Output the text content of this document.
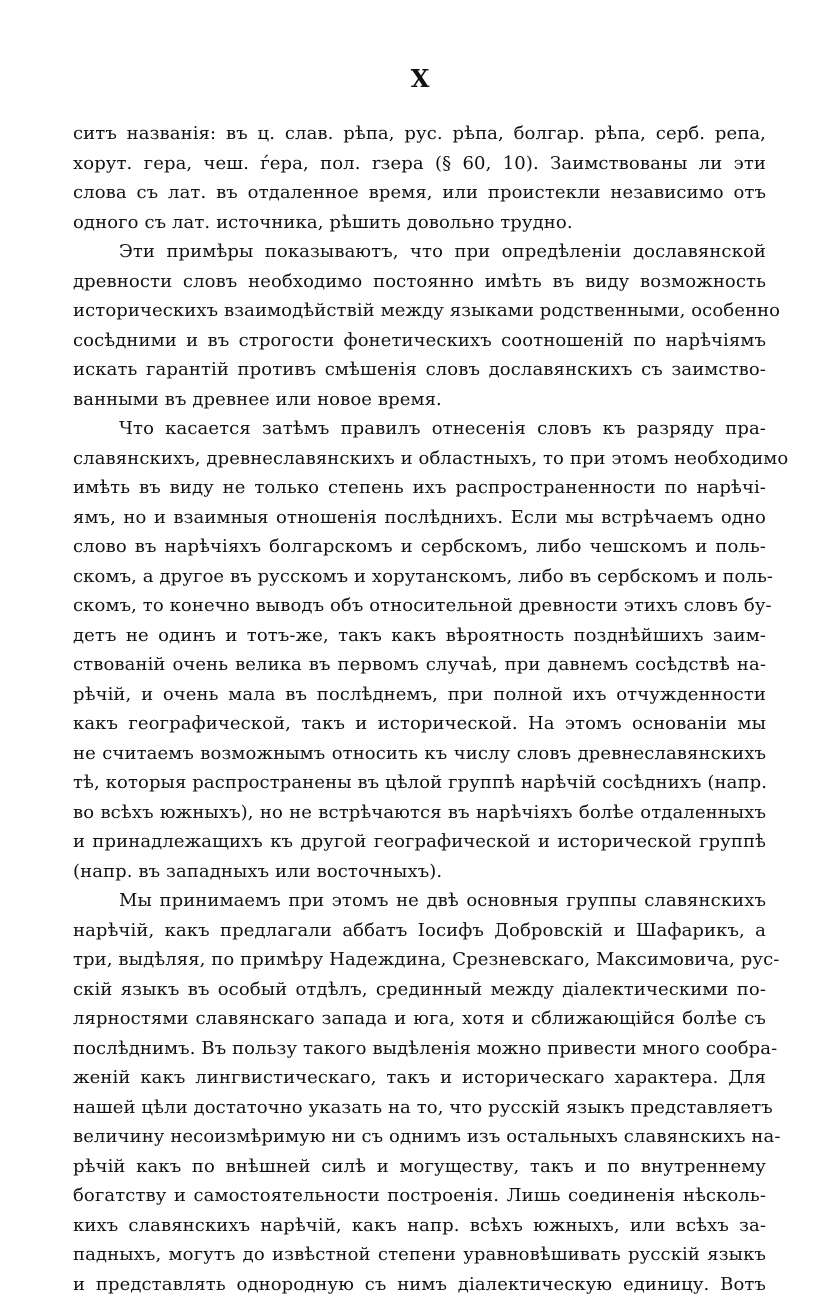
X
ситъ названія: въ ц. слав. рѣпа, рус. рѣпа, болгар. рѣпа, серб. репа,
хорут. гера, чеш. ѓера, пол. rзера (§ 60, 10). Заимствованы ли эти
слова съ лат. въ отдаленное время, или проистекли независимо отъ
одного съ лат. источника, рѣшить довольно трудно.
Эти примѣры показываютъ, что при опредѣленіи дославянской
древности словъ необходимо постоянно имѣть въ виду возможность
историческихъ взаимодѣйствій между языками родственными, особенно
сосѣдними и въ строгости фонетическихъ соотношеній по нарѣчіямъ
искать гарантій противъ смѣшенія словъ дославянскихъ съ заимство-
ванными въ древнее или новое время.
Что касается затѣмъ правилъ отнесенія словъ къ разряду пра-
славянскихъ, древнеславянскихъ и областныхъ, то при этомъ необходимо
имѣть въ виду не только степень ихъ распространенности по нарѣчі-
ямъ, но и взаимныя отношенія послѣднихъ. Если мы встрѣчаемъ одно
слово въ нарѣчіяхъ болгарскомъ и сербскомъ, либо чешскомъ и поль-
скомъ, а другое въ русскомъ и хорутанскомъ, либо въ сербскомъ и поль-
скомъ, то конечно выводъ объ относительной древности этихъ словъ бу-
детъ не одинъ и тотъ-же, такъ какъ вѣроятность позднѣйшихъ заим-
ствованій очень велика въ первомъ случаѣ, при давнемъ сосѣдствѣ на-
рѣчій, и очень мала въ послѣднемъ, при полной ихъ отчужденности
какъ географической, такъ и исторической. На этомъ основаніи мы
не считаемъ возможнымъ относить къ числу словъ древнеславянскихъ
тѣ, которыя распространены въ цѣлой группѣ нарѣчій сосѣднихъ (напр.
во всѣхъ южныхъ), но не встрѣчаются въ нарѣчіяхъ болѣе отдаленныхъ
и принадлежащихъ къ другой географической и исторической группѣ
(напр. въ западныхъ или восточныхъ).
Мы принимаемъ при этомъ не двѣ основныя группы славянскихъ
нарѣчій, какъ предлагали аббатъ Іосифъ Добровскій и Шафарикъ, а
три, выдѣляя, по примѣру Надеждина, Срезневскаго, Максимовича, рус-
скій языкъ въ особый отдѣлъ, срединный между діалектическими по-
лярностями славянскаго запада и юга, хотя и сближающійся болѣе съ
послѣднимъ. Въ пользу такого выдѣленія можно привести много сообра-
женій какъ лингвистическаго, такъ и историческаго характера. Для
нашей цѣли достаточно указать на то, что русскій языкъ представляетъ
величину несоизмѣримую ни съ однимъ изъ остальныхъ славянскихъ на-
рѣчій какъ по внѣшней силѣ и могуществу, такъ и по внутреннему
богатству и самостоятельности построенія. Лишь соединенія нѣсколь-
кихъ славянскихъ нарѣчій, какъ напр. всѣхъ южныхъ, или всѣхъ за-
падныхъ, могутъ до извѣстной степени уравновѣшивать русскій языкъ
и представлять однородную съ нимъ діалектическую единицу. Вотъ
